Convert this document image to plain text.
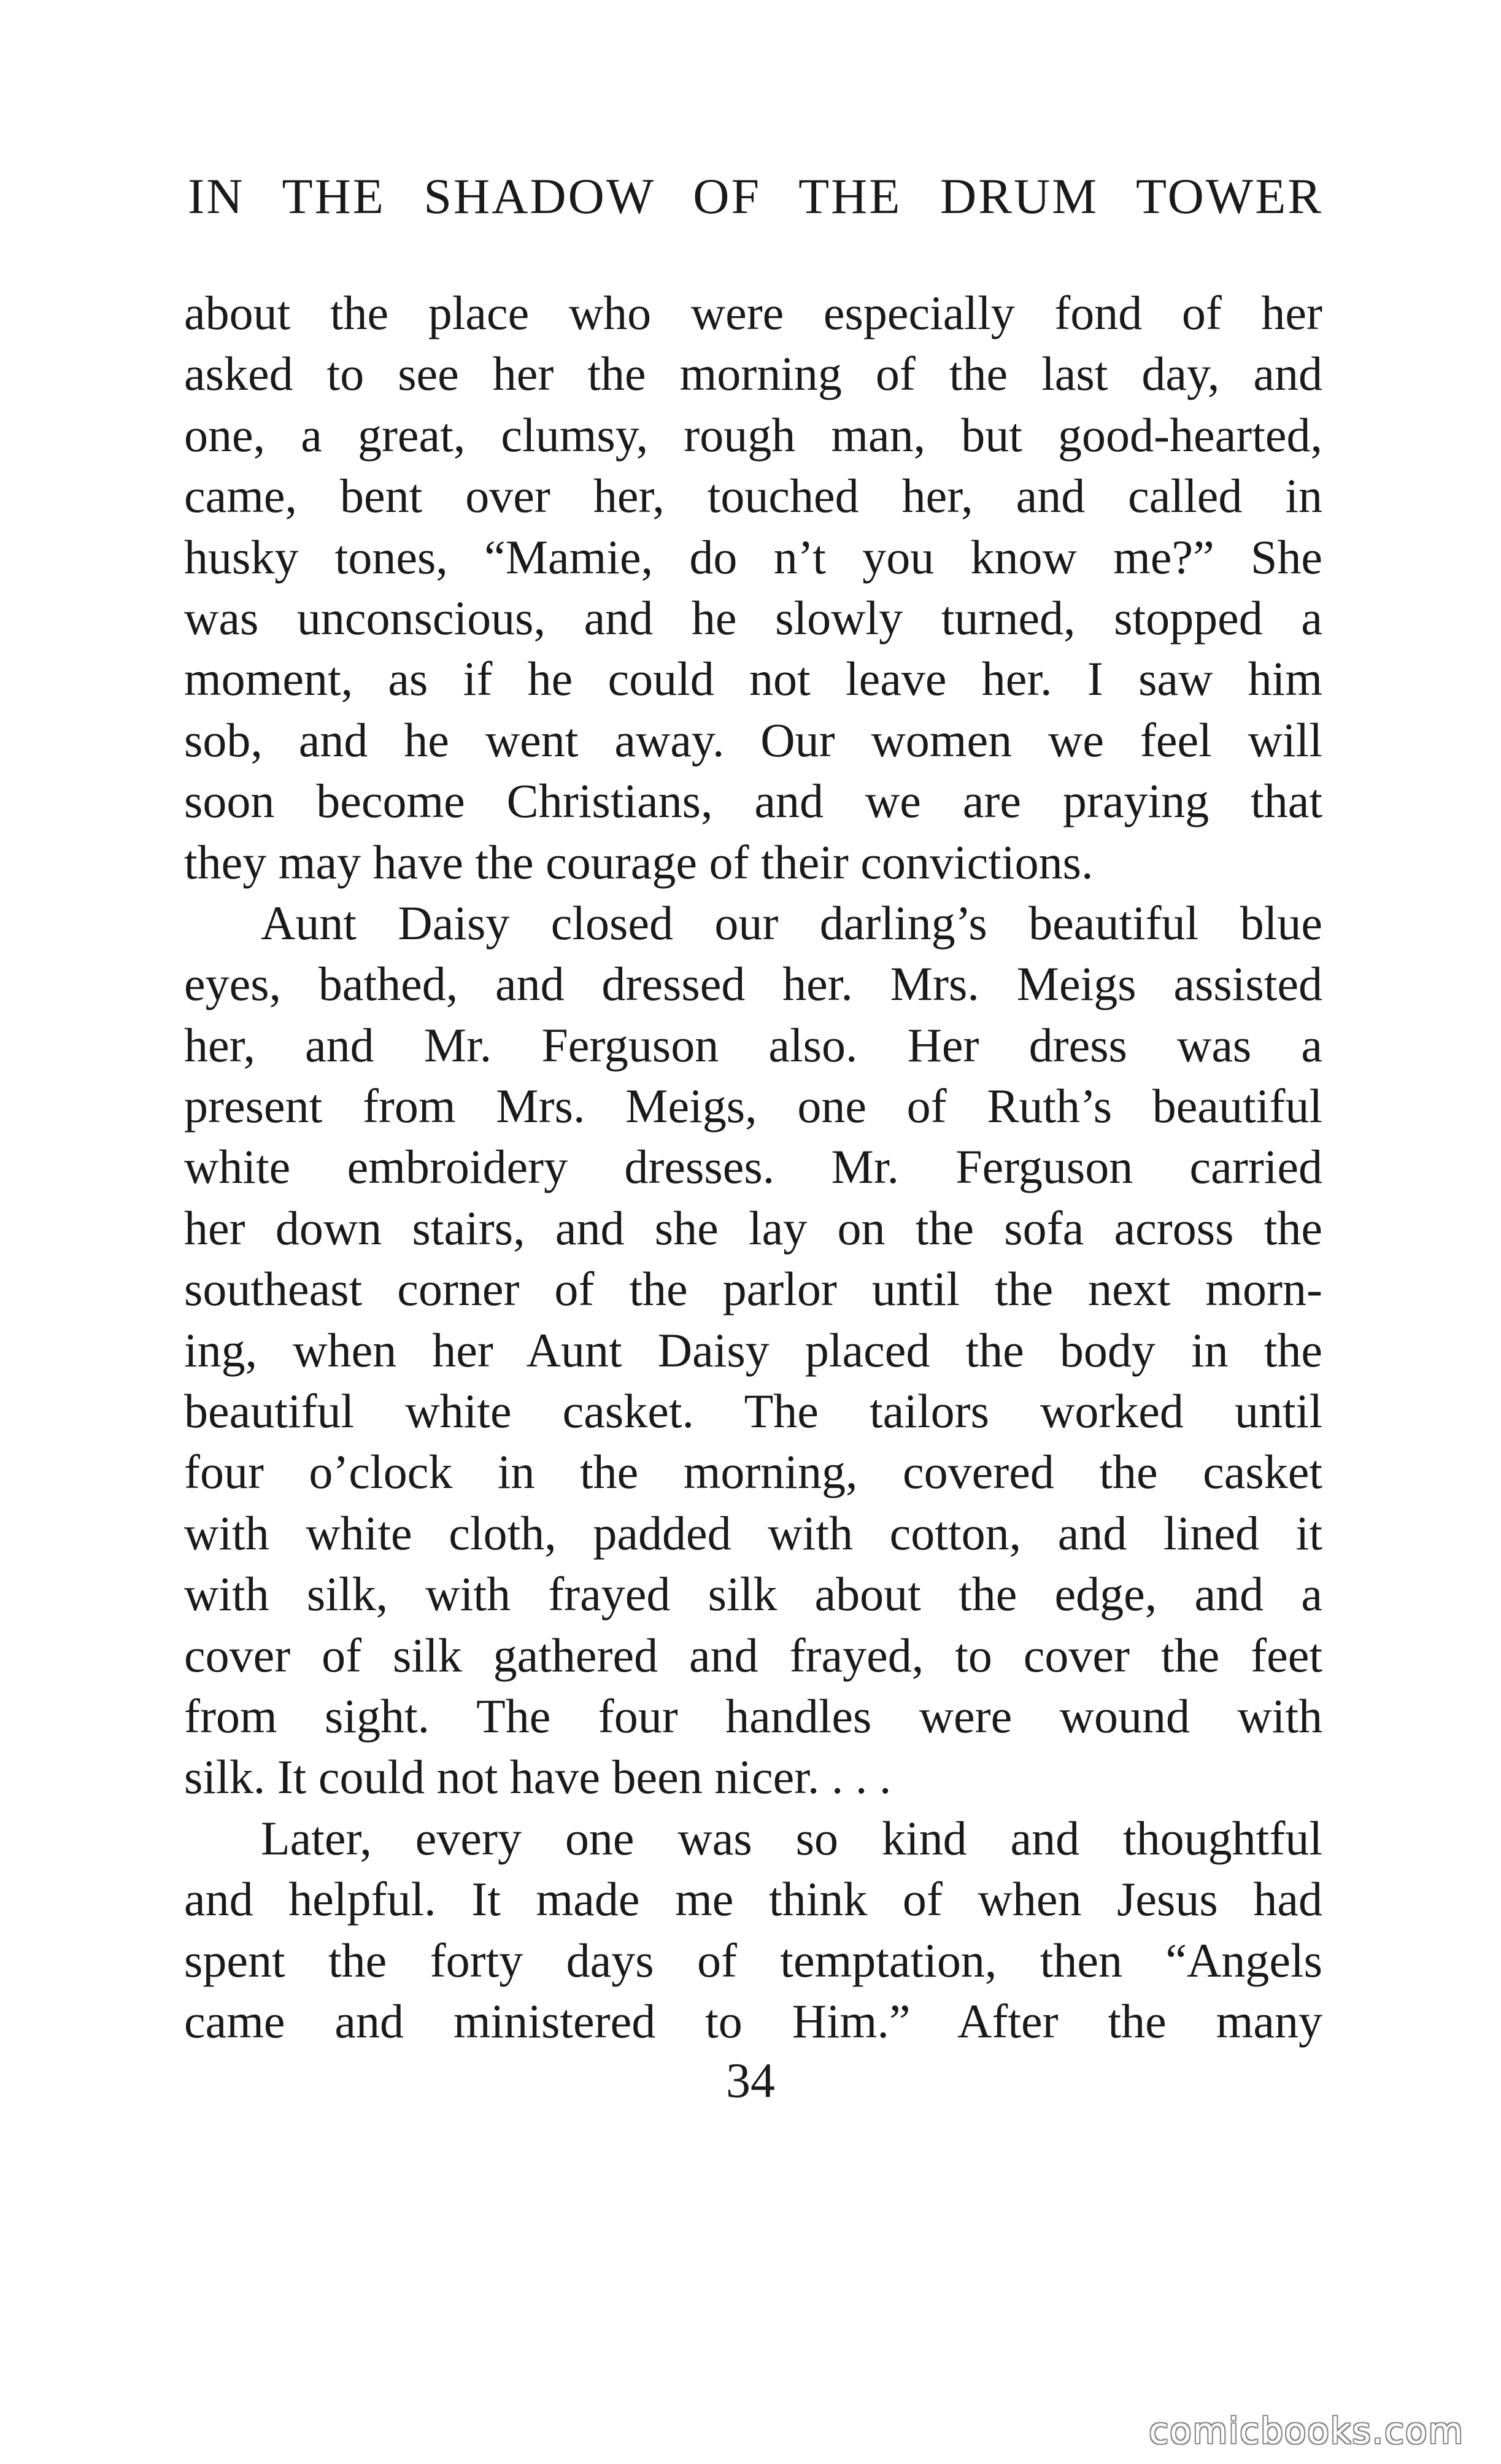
IN THE SHADOW OF THE DRUM TOWER
about the place who were especially fond of her
asked to see her the morning of the last day, and
one, a great, clumsy, rough man, but good-hearted,
came, bent over her, touched her, and called in
husky tones, “Mamie, do n’t you know me?” She
was unconscious, and he slowly turned, stopped a
moment, as if he could not leave her. I saw him
sob, and he went away. Our women we feel will
soon become Christians, and we are praying that
they may have the courage of their convictions.
Aunt Daisy closed our darling’s beautiful blue
eyes, bathed, and dressed her. Mrs. Meigs assisted
her, and Mr. Ferguson also. Her dress was a
present from Mrs. Meigs, one of Ruth’s beautiful
white embroidery dresses. Mr. Ferguson carried
her down stairs, and she lay on the sofa across the
southeast corner of the parlor until the next morn-
ing, when her Aunt Daisy placed the body in the
beautiful white casket. The tailors worked until
four o’clock in the morning, covered the casket
with white cloth, padded with cotton, and lined it
with silk, with frayed silk about the edge, and a
cover of silk gathered and frayed, to cover the feet
from sight. The four handles were wound with
silk. It could not have been nicer. . . .
Later, every one was so kind and thoughtful
and helpful. It made me think of when Jesus had
spent the forty days of temptation, then “Angels
came and ministered to Him.” After the many
34
comicbooks.com
